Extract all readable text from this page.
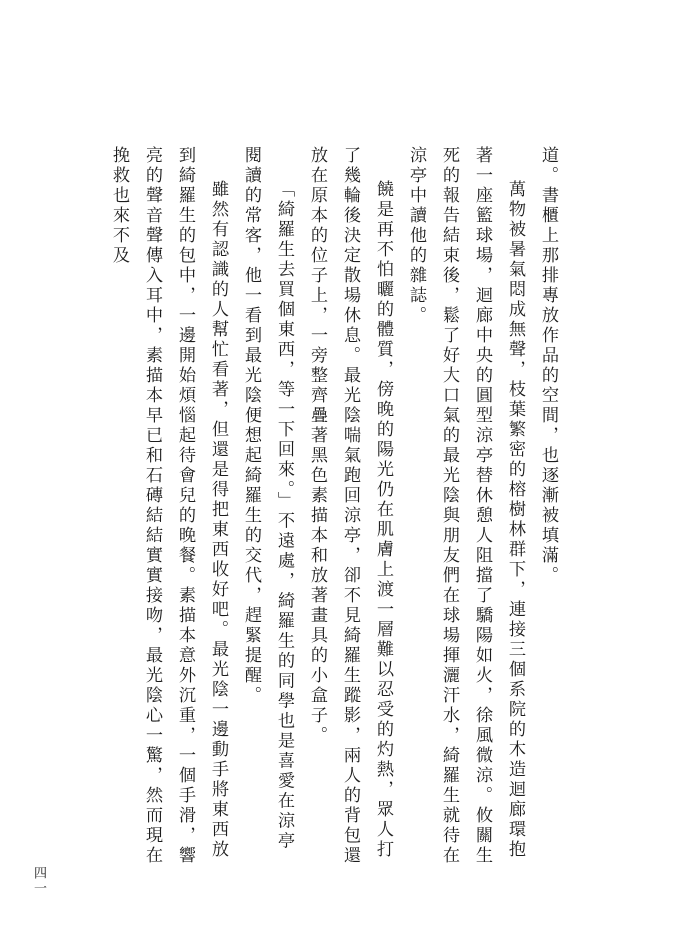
道。書櫃上那排專放作品的空間，也逐漸被填滿。

萬物被暑氣悶成無聲，枝葉繁密的榕樹林群下，連接三個系院的木造迴廊環抱著一座籃球場，迴廊中央的圓型涼亭替休憩人阻擋了驕陽如火，徐風微涼。攸關生死的報告結束後，鬆了好大口氣的最光陰與朋友們在球場揮灑汗水，綺羅生就待在涼亭中讀他的雜誌。

饒是再不怕曬的體質，傍晚的陽光仍在肌膚上渡一層難以忍受的灼熱，眾人打了幾輪後決定散場休息。最光陰喘氣跑回涼亭，卻不見綺羅生蹤影，兩人的背包還放在原本的位子上，一旁整齊疊著黑色素描本和放著畫具的小盒子。

「綺羅生去買個東西，等一下回來。」不遠處，綺羅生的同學也是喜愛在涼亭閱讀的常客，他一看到最光陰便想起綺羅生的交代，趕緊提醒。

雖然有認識的人幫忙看著，但還是得把東西收好吧。最光陰一邊動手將東西放到綺羅生的包中，一邊開始煩惱起待會兒的晚餐。素描本意外沉重，一個手滑，響亮的聲音聲傳入耳中，素描本早已和石磚結結實實接吻，最光陰心一驚，然而現在挽救也來不及

四一
